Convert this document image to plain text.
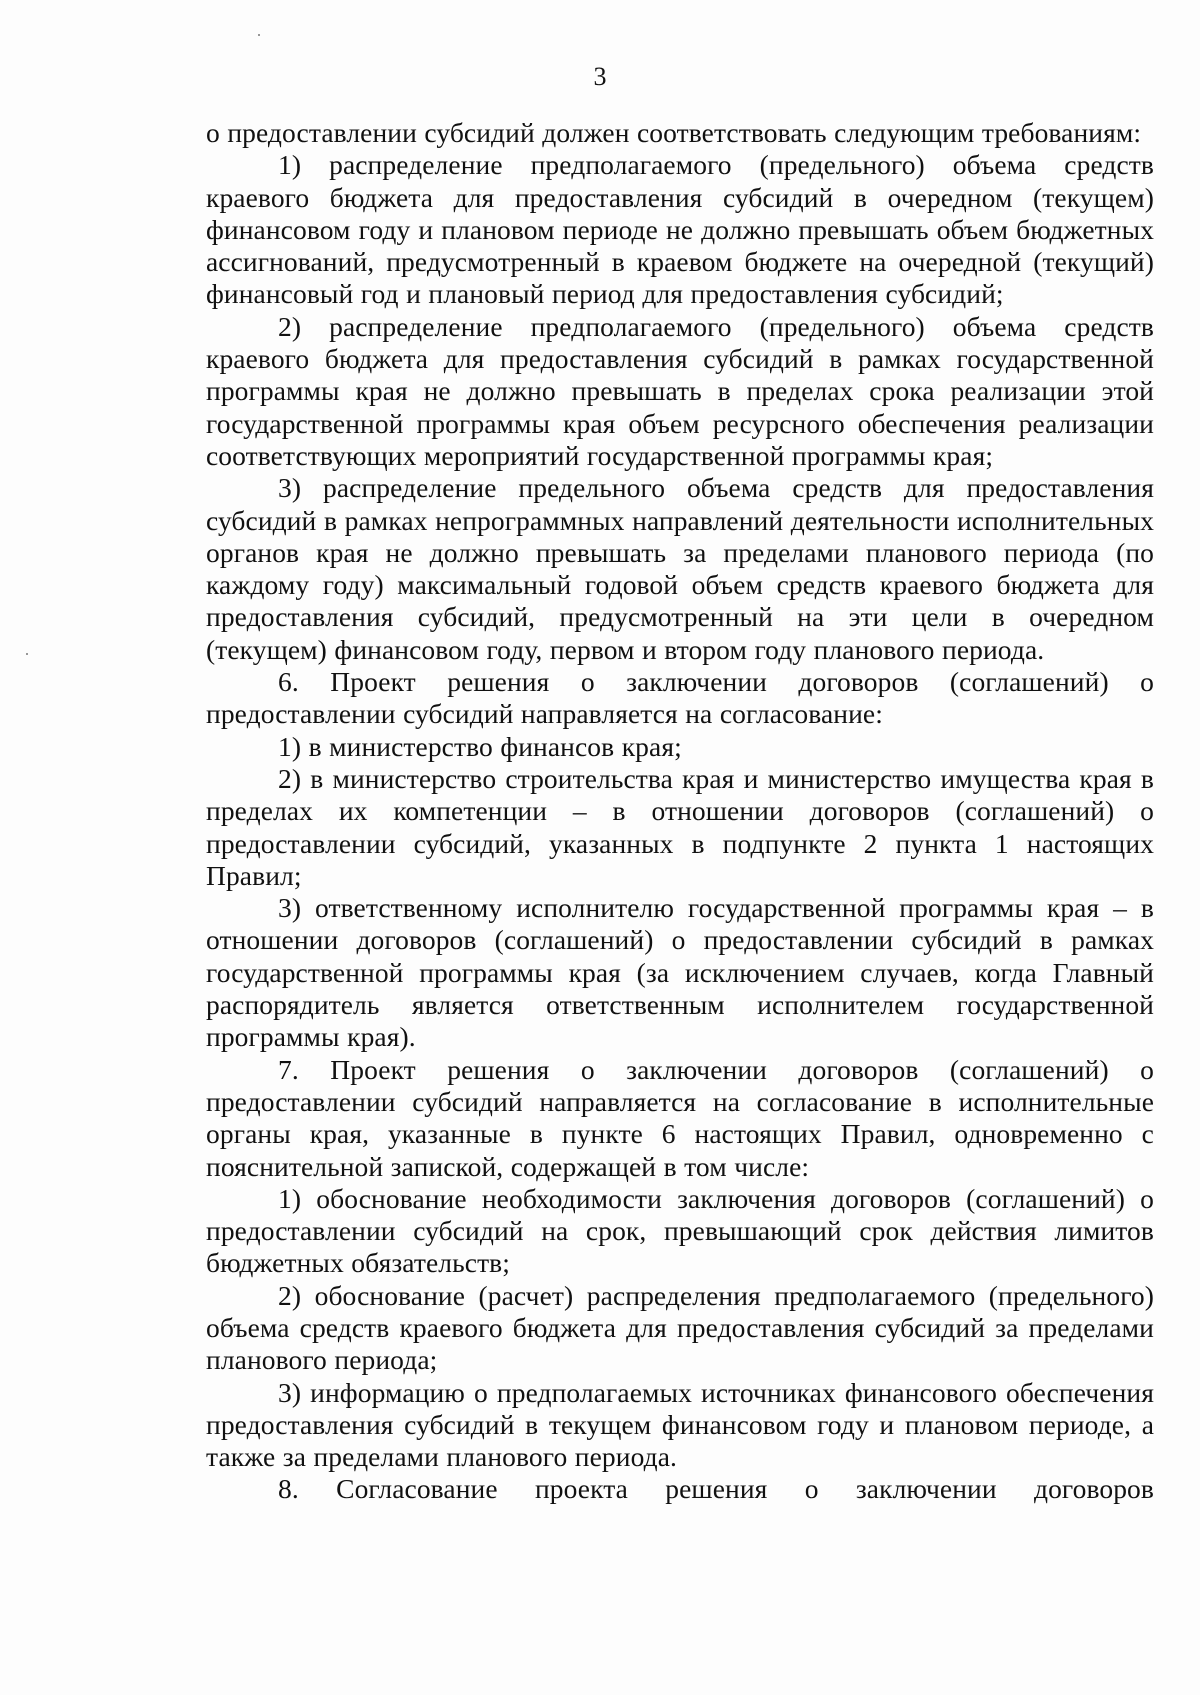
3

о предоставлении субсидий должен соответствовать следующим требованиям:

1) распределение предполагаемого (предельного) объема средств краевого бюджета для предоставления субсидий в очередном (текущем) финансовом году и плановом периоде не должно превышать объем бюджетных ассигнований, предусмотренный в краевом бюджете на очередной (текущий) финансовый год и плановый период для предоставления субсидий;

2) распределение предполагаемого (предельного) объема средств краевого бюджета для предоставления субсидий в рамках государственной программы края не должно превышать в пределах срока реализации этой государственной программы края объем ресурсного обеспечения реализации соответствующих мероприятий государственной программы края;

3) распределение предельного объема средств для предоставления субсидий в рамках непрограммных направлений деятельности исполнительных органов края не должно превышать за пределами планового периода (по каждому году) максимальный годовой объем средств краевого бюджета для предоставления субсидий, предусмотренный на эти цели в очередном (текущем) финансовом году, первом и втором году планового периода.

6. Проект решения о заключении договоров (соглашений) о предоставлении субсидий направляется на согласование:

1) в министерство финансов края;

2) в министерство строительства края и министерство имущества края в пределах их компетенции – в отношении договоров (соглашений) о предоставлении субсидий, указанных в подпункте 2 пункта 1 настоящих Правил;

3) ответственному исполнителю государственной программы края – в отношении договоров (соглашений) о предоставлении субсидий в рамках государственной программы края (за исключением случаев, когда Главный распорядитель является ответственным исполнителем государственной программы края).

7. Проект решения о заключении договоров (соглашений) о предоставлении субсидий направляется на согласование в исполнительные органы края, указанные в пункте 6 настоящих Правил, одновременно с пояснительной запиской, содержащей в том числе:

1) обоснование необходимости заключения договоров (соглашений) о предоставлении субсидий на срок, превышающий срок действия лимитов бюджетных обязательств;

2) обоснование (расчет) распределения предполагаемого (предельного) объема средств краевого бюджета для предоставления субсидий за пределами планового периода;

3) информацию о предполагаемых источниках финансового обеспечения предоставления субсидий в текущем финансовом году и плановом периоде, а также за пределами планового периода.

8. Согласование проекта решения о заключении договоров
